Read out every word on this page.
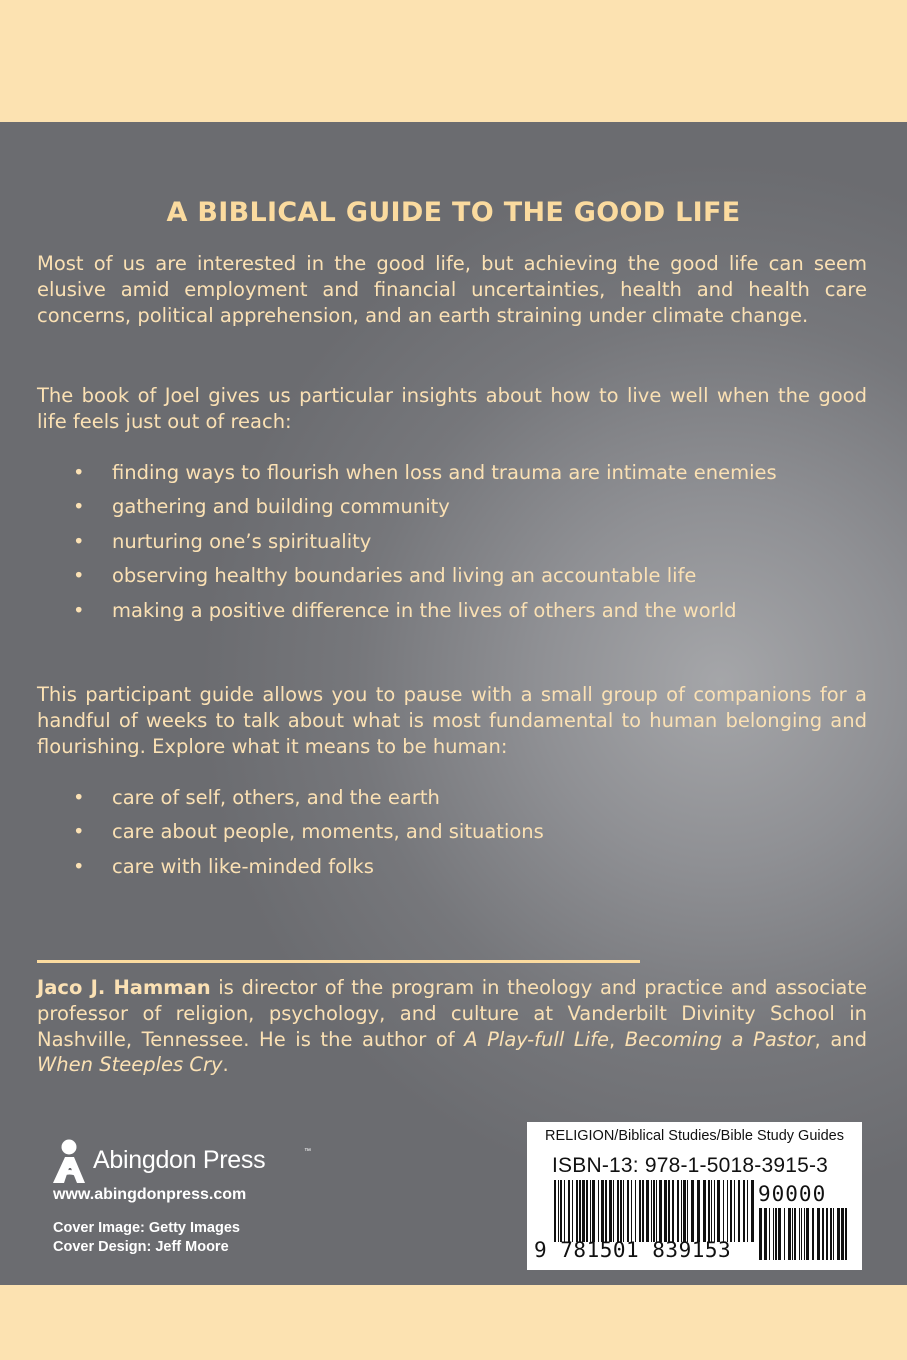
A BIBLICAL GUIDE TO THE GOOD LIFE
Most of us are interested in the good life, but achieving the good life can seem elusive amid employment and financial uncertainties, health and health care concerns, political apprehension, and an earth straining under climate change.
The book of Joel gives us particular insights about how to live well when the good life feels just out of reach:
• finding ways to flourish when loss and trauma are intimate enemies
• gathering and building community
• nurturing one’s spirituality
• observing healthy boundaries and living an accountable life
• making a positive difference in the lives of others and the world
This participant guide allows you to pause with a small group of companions for a handful of weeks to talk about what is most fundamental to human belonging and flourishing. Explore what it means to be human:
• care of self, others, and the earth
• care about people, moments, and situations
• care with like-minded folks
Jaco J. Hamman is director of the program in theology and practice and associate professor of religion, psychology, and culture at Vanderbilt Divinity School in Nashville, Tennessee. He is the author of A Play-full Life, Becoming a Pastor, and When Steeples Cry.
Abingdon Press	™
www.abingdonpress.com
Cover Image: Getty Images
Cover Design: Jeff Moore
RELIGION/Biblical Studies/Bible Study Guides
ISBN-13: 978-1-5018-3915-3
90000
9 781501 839153
